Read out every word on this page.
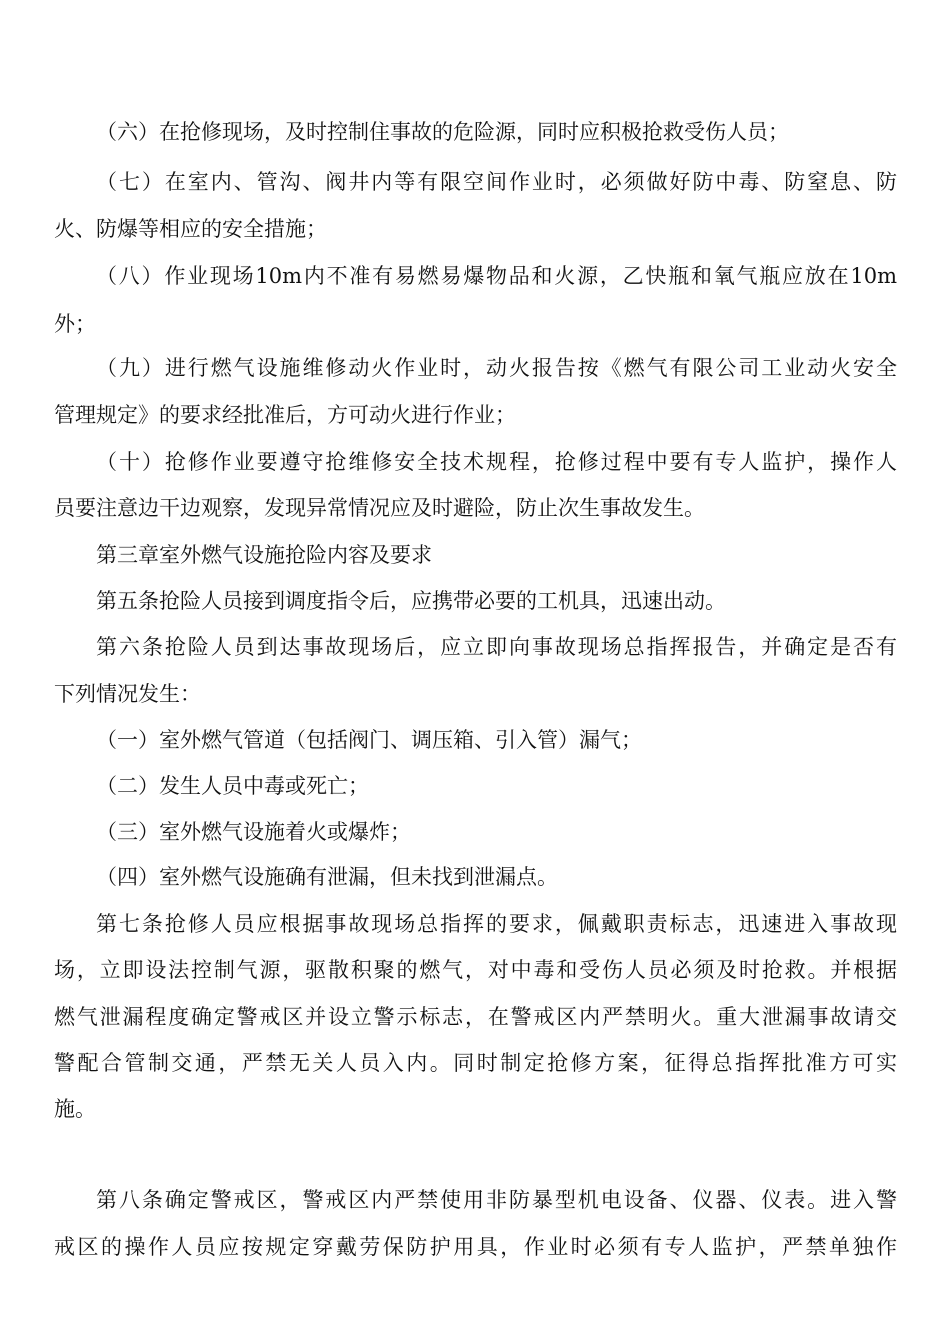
（六）在抢修现场，及时控制住事故的危险源，同时应积极抢救受伤人员；
（七）在室内、管沟、阀井内等有限空间作业时，必须做好防中毒、防窒息、防
火、防爆等相应的安全措施；
（八）作业现场10m内不准有易燃易爆物品和火源，乙快瓶和氧气瓶应放在10m
外；
（九）进行燃气设施维修动火作业时，动火报告按《燃气有限公司工业动火安全
管理规定》的要求经批准后，方可动火进行作业；
（十）抢修作业要遵守抢维修安全技术规程，抢修过程中要有专人监护，操作人
员要注意边干边观察，发现异常情况应及时避险，防止次生事故发生。
第三章室外燃气设施抢险内容及要求
第五条抢险人员接到调度指令后，应携带必要的工机具，迅速出动。
第六条抢险人员到达事故现场后，应立即向事故现场总指挥报告，并确定是否有
下列情况发生：
（一）室外燃气管道（包括阀门、调压箱、引入管）漏气；
（二）发生人员中毒或死亡；
（三）室外燃气设施着火或爆炸；
（四）室外燃气设施确有泄漏，但未找到泄漏点。
第七条抢修人员应根据事故现场总指挥的要求，佩戴职责标志，迅速进入事故现
场，立即设法控制气源，驱散积聚的燃气，对中毒和受伤人员必须及时抢救。并根据
燃气泄漏程度确定警戒区并设立警示标志，在警戒区内严禁明火。重大泄漏事故请交
警配合管制交通，严禁无关人员入内。同时制定抢修方案，征得总指挥批准方可实
施。
第八条确定警戒区，警戒区内严禁使用非防暴型机电设备、仪器、仪表。进入警
戒区的操作人员应按规定穿戴劳保防护用具，作业时必须有专人监护，严禁单独作
